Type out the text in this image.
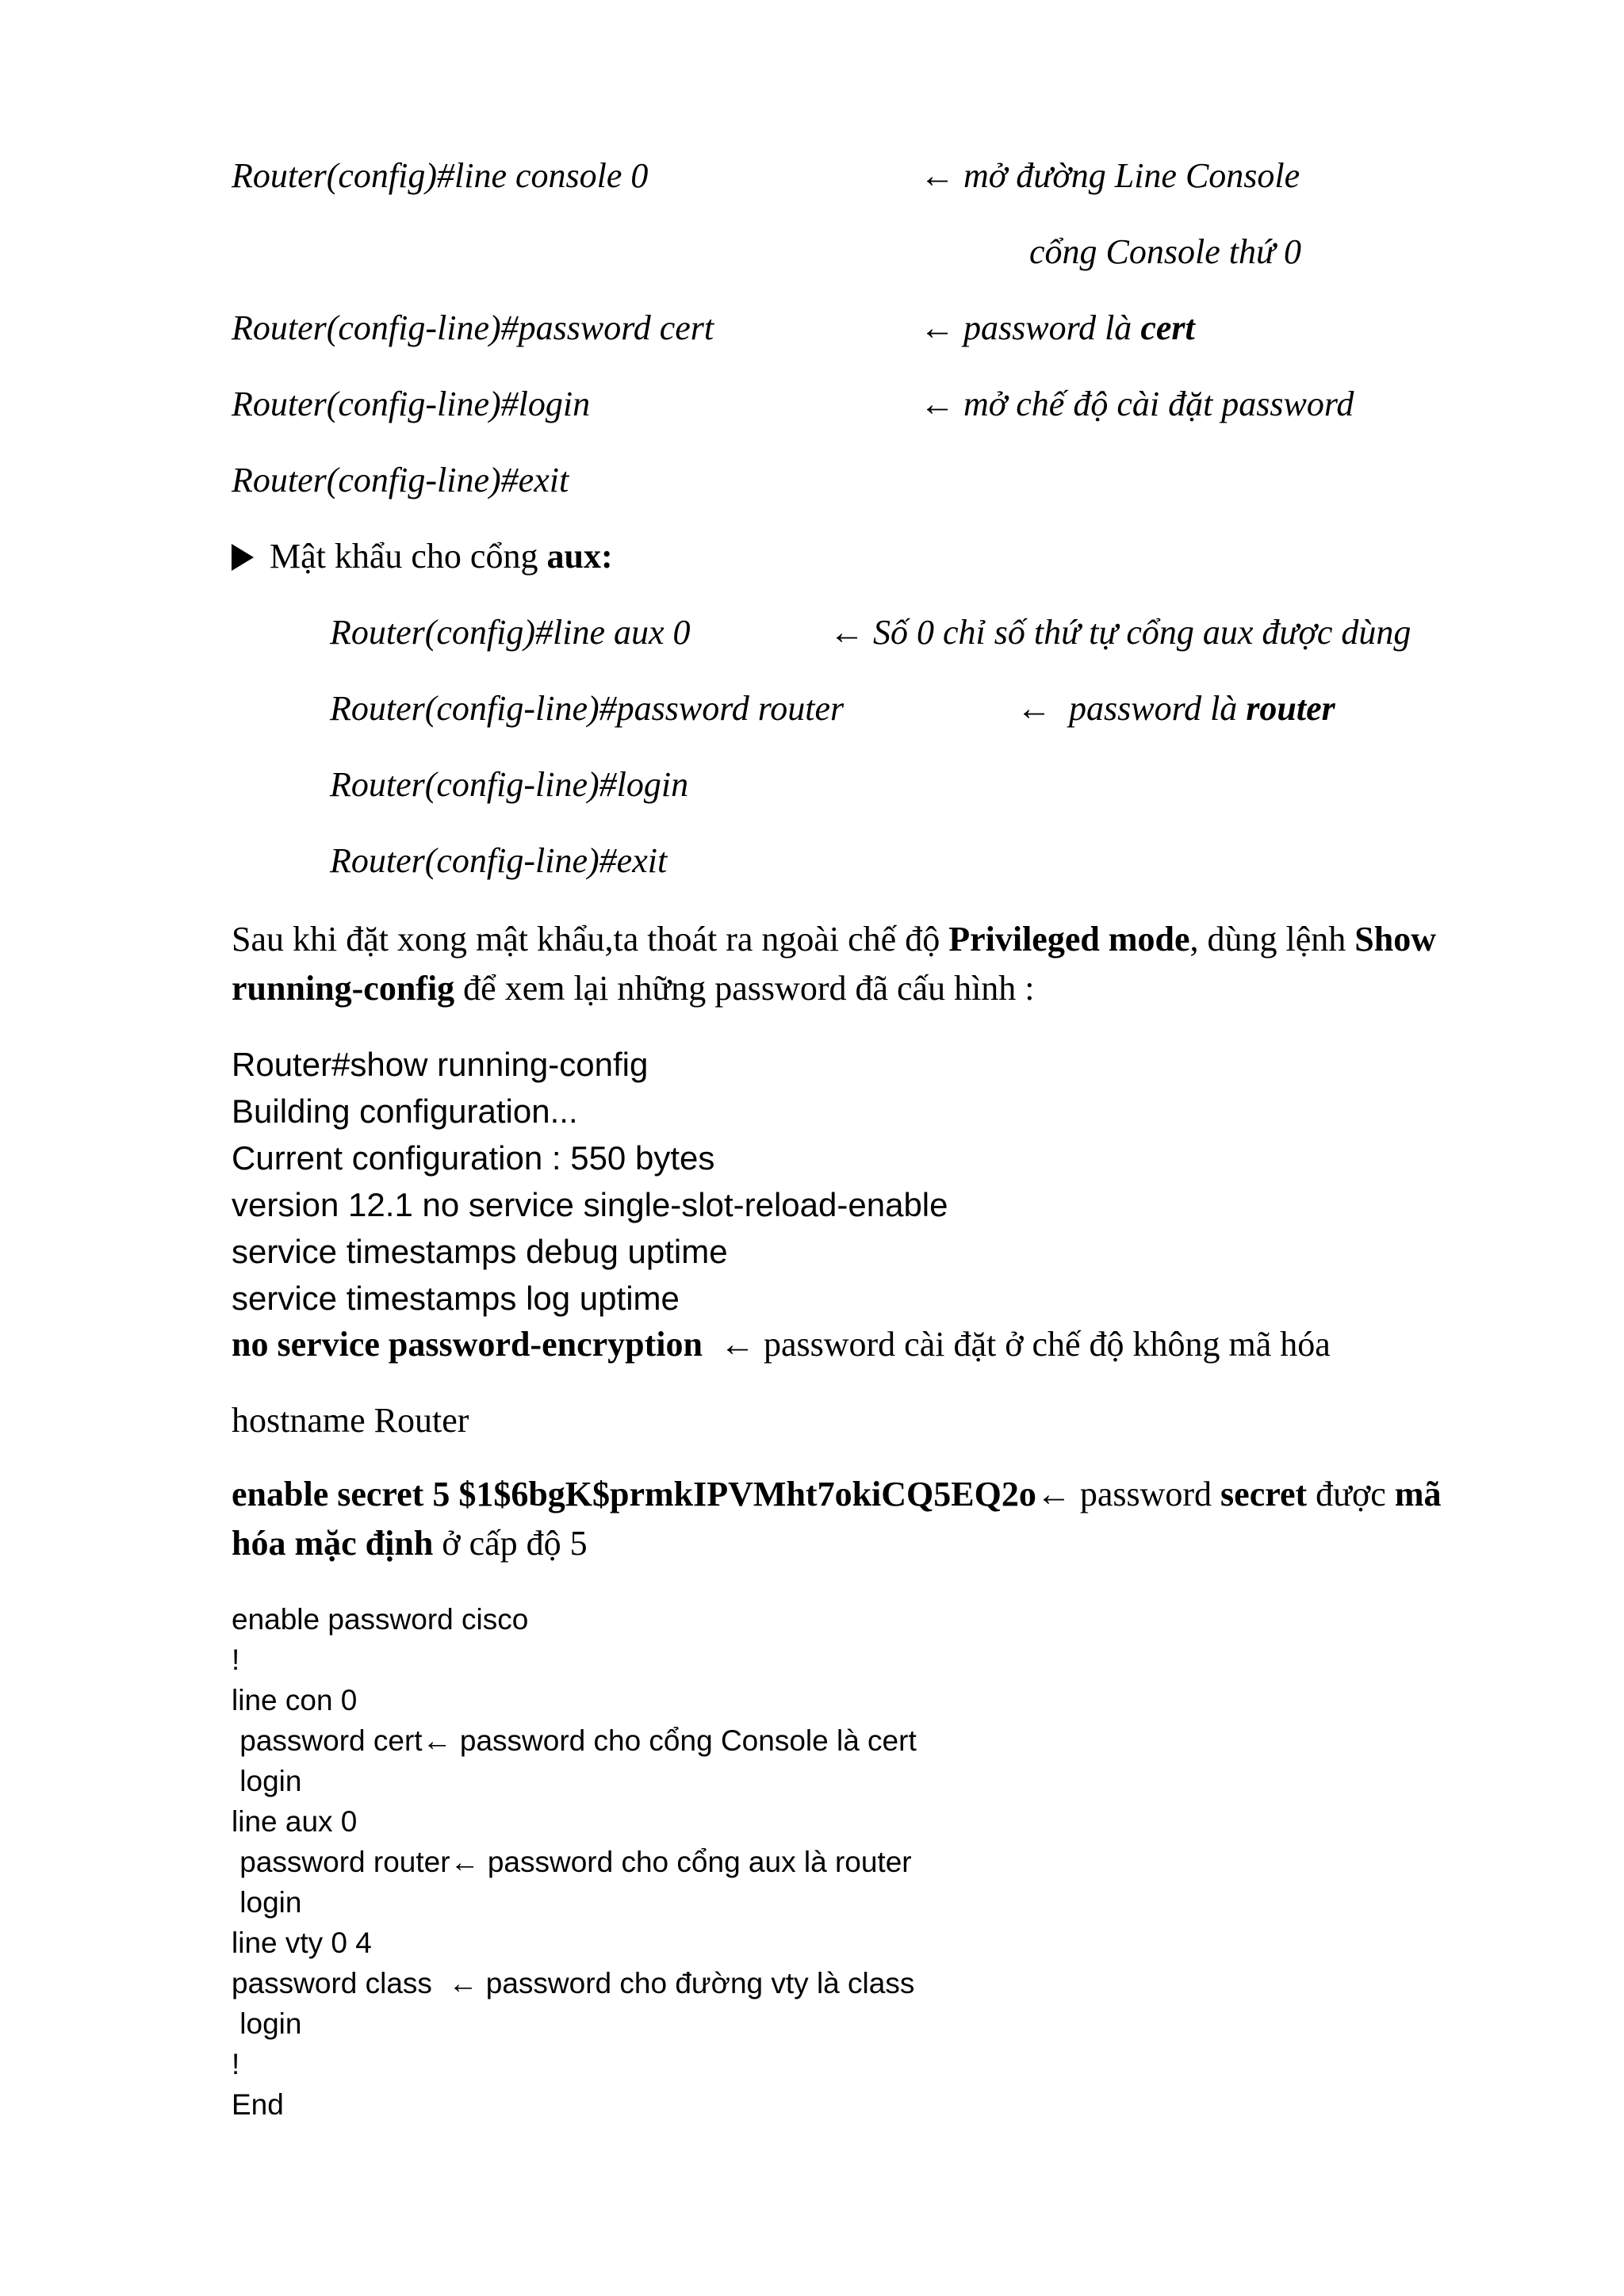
Router(config)#line console 0	← mở đường Line Console
cổng Console thứ 0
Router(config-line)#password cert	← password là cert
Router(config-line)#login	← mở chế độ cài đặt password
Router(config-line)#exit
Mật khẩu cho cổng aux:
Router(config)#line aux 0	← Số 0 chỉ số thứ tự cổng aux được dùng
Router(config-line)#password router	←  password là router
Router(config-line)#login
Router(config-line)#exit
Sau khi đặt xong mật khẩu,ta thoát ra ngoài chế độ Privileged mode, dùng lệnh Show running-config để xem lại những password đã cấu hình :
Router#show running-config
Building configuration...
Current configuration : 550 bytes
version 12.1 no service single-slot-reload-enable
service timestamps debug uptime
service timestamps log uptime
no service password-encryption  ← password cài đặt ở chế độ không mã hóa
hostname Router
enable secret 5 $1$6bgK$prmkIPVMht7okiCQ5EQ2o← password secret được mã hóa mặc định ở cấp độ 5
enable password cisco
!
line con 0
password cert← password cho cổng Console là cert
login
line aux 0
password router← password cho cổng aux là router
login
line vty 0 4
password class  ← password cho đường vty là class
login
!
End
